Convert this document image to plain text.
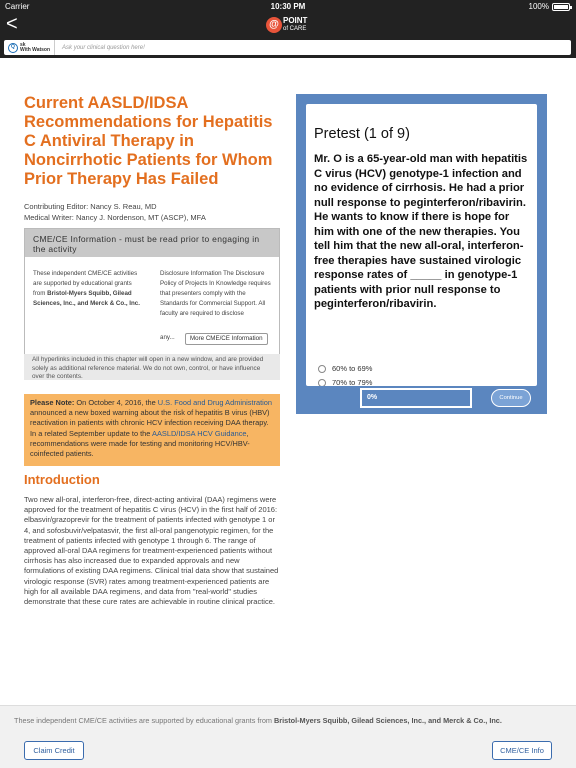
Carrier	10:30 PM	100%
<	@ POINT
of CARE
Q	sk
With Watson Ask your clinical question here!
Current AASLD/IDSA Recommendations for Hepatitis C Antiviral Therapy in Noncirrhotic Patients for Whom Prior Therapy Has Failed
Contributing Editor: Nancy S. Reau, MD
Medical Writer: Nancy J. Nordenson, MT (ASCP), MFA
CME/CE Information - must be read prior to engaging in the activity
These independent CME/CE activities are supported by educational grants from Bristol-Myers Squibb, Gilead Sciences, Inc., and Merck & Co., Inc.
Disclosure Information The Disclosure Policy of Projects In Knowledge requires that presenters comply with the Standards for Commercial Support. All faculty are required to disclose
any...	More CME/CE Information
All hyperlinks included in this chapter will open in a new window, and are provided solely as additional reference material. We do not own, control, or have influence over the contents.
Please Note: On October 4, 2016, the U.S. Food and Drug Administration announced a new boxed warning about the risk of hepatitis B virus (HBV) reactivation in patients with chronic HCV infection receiving DAA therapy. In a related September update to the AASLD/IDSA HCV Guidance, recommendations were made for testing and monitoring HCV/HBV-coinfected patients.
Introduction

Two new all-oral, interferon-free, direct-acting antiviral (DAA) regimens were approved for the treatment of hepatitis C virus (HCV) in the first half of 2016: elbasvir/grazoprevir for the treatment of patients infected with genotype 1 or 4, and sofosbuvir/velpatasvir, the first all-oral pangenotypic regimen, for the treatment of patients infected with genotype 1 through 6. The range of approved all-oral DAA regimens for treatment-experienced patients without cirrhosis has also increased due to expanded approvals and new formulations of existing DAA regimens. Clinical trial data show that sustained virologic response (SVR) rates among treatment-experienced patients are high for all available DAA regimens, and data from "real-world" studies demonstrate that these cure rates are achievable in routine clinical practice.

Pretest (1 of 9)
Mr. O is a 65-year-old man with hepatitis C virus (HCV) genotype-1 infection and no evidence of cirrhosis. He had a prior null response to peginterferon/ribavirin. He wants to know if there is hope for him with one of the new therapies. You tell him that the new all-oral, interferon-free therapies have sustained virologic response rates of _____ in genotype-1 patients with prior null response to peginterferon/ribavirin.
60% to 69%
70% to 79%
0%	Continue
These independent CME/CE activities are supported by educational grants from Bristol-Myers Squibb, Gilead Sciences, Inc., and Merck & Co., Inc.
Claim Credit	CME/CE Info
